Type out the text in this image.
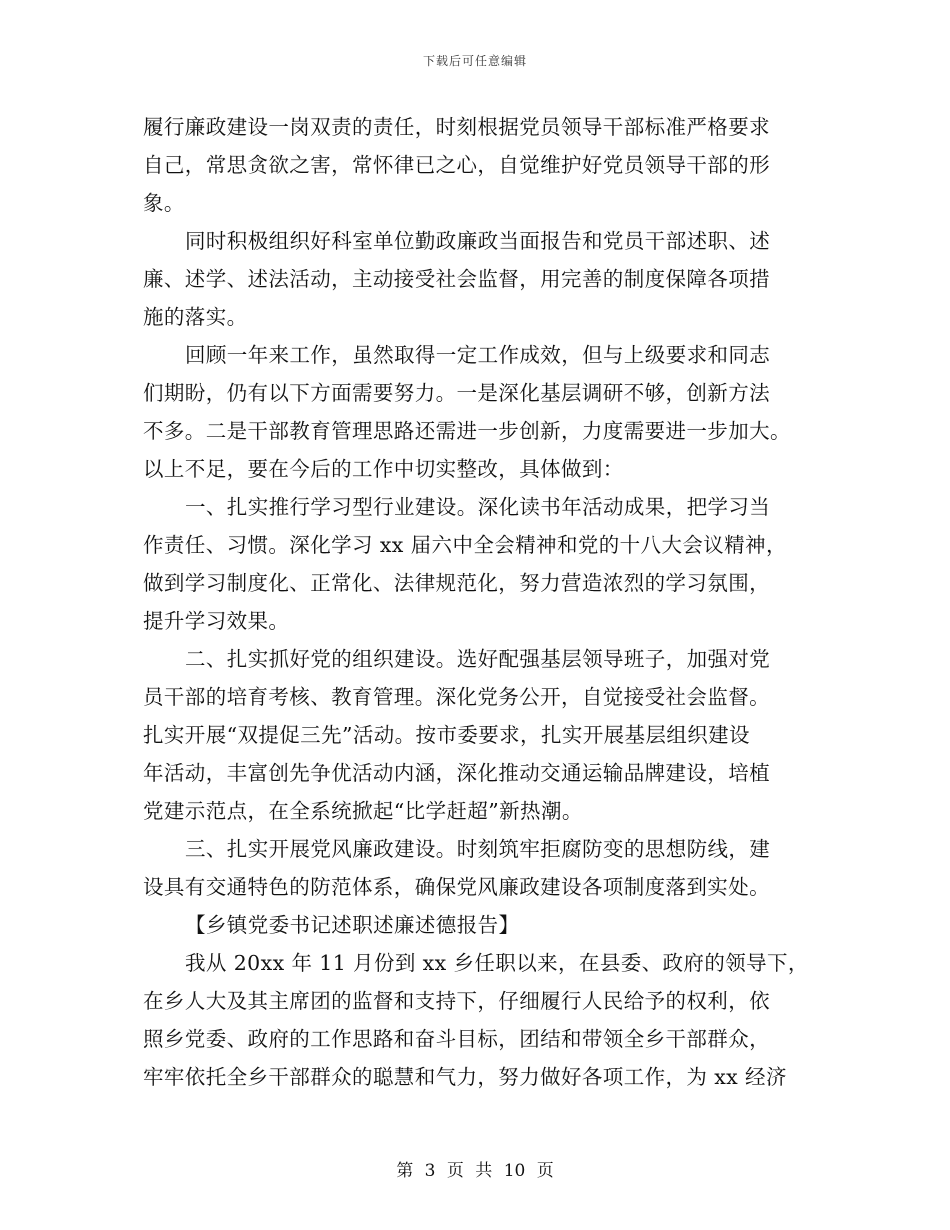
下载后可任意编辑
履行廉政建设一岗双责的责任，时刻根据党员领导干部标准严格要求
自己，常思贪欲之害，常怀律已之心，自觉维护好党员领导干部的形
象。
同时积极组织好科室单位勤政廉政当面报告和党员干部述职、述
廉、述学、述法活动，主动接受社会监督，用完善的制度保障各项措
施的落实。
回顾一年来工作，虽然取得一定工作成效，但与上级要求和同志
们期盼，仍有以下方面需要努力。一是深化基层调研不够，创新方法
不多。二是干部教育管理思路还需进一步创新，力度需要进一步加大。
以上不足，要在今后的工作中切实整改，具体做到：
一、扎实推行学习型行业建设。深化读书年活动成果，把学习当
作责任、习惯。深化学习 xx 届六中全会精神和党的十八大会议精神，
做到学习制度化、正常化、法律规范化，努力营造浓烈的学习氛围，
提升学习效果。
二、扎实抓好党的组织建设。选好配强基层领导班子，加强对党
员干部的培育考核、教育管理。深化党务公开，自觉接受社会监督。
扎实开展“双提促三先”活动。按市委要求，扎实开展基层组织建设
年活动，丰富创先争优活动内涵，深化推动交通运输品牌建设，培植
党建示范点，在全系统掀起“比学赶超”新热潮。
三、扎实开展党风廉政建设。时刻筑牢拒腐防变的思想防线，建
设具有交通特色的防范体系，确保党风廉政建设各项制度落到实处。
【乡镇党委书记述职述廉述德报告】
我从 20xx 年 11 月份到 xx 乡任职以来，在县委、政府的领导下，
在乡人大及其主席团的监督和支持下，仔细履行人民给予的权利，依
照乡党委、政府的工作思路和奋斗目标，团结和带领全乡干部群众，
牢牢依托全乡干部群众的聪慧和气力，努力做好各项工作，为 xx 经济
第 3 页 共 10 页
